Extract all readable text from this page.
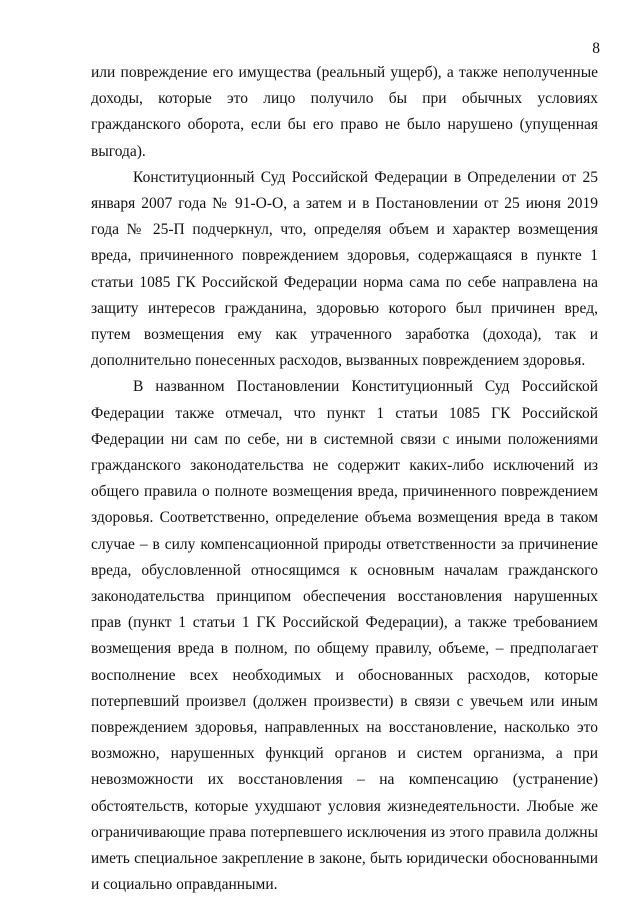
8

или повреждение его имущества (реальный ущерб), а также неполученные доходы, которые это лицо получило бы при обычных условиях гражданского оборота, если бы его право не было нарушено (упущенная выгода).

Конституционный Суд Российской Федерации в Определении от 25 января 2007 года № 91-О-О, а затем и в Постановлении от 25 июня 2019 года № 25-П подчеркнул, что, определяя объем и характер возмещения вреда, причиненного повреждением здоровья, содержащаяся в пункте 1 статьи 1085 ГК Российской Федерации норма сама по себе направлена на защиту интересов гражданина, здоровью которого был причинен вред, путем возмещения ему как утраченного заработка (дохода), так и дополнительно понесенных расходов, вызванных повреждением здоровья.

В названном Постановлении Конституционный Суд Российской Федерации также отмечал, что пункт 1 статьи 1085 ГК Российской Федерации ни сам по себе, ни в системной связи с иными положениями гражданского законодательства не содержит каких-либо исключений из общего правила о полноте возмещения вреда, причиненного повреждением здоровья. Соответственно, определение объема возмещения вреда в таком случае – в силу компенсационной природы ответственности за причинение вреда, обусловленной относящимся к основным началам гражданского законодательства принципом обеспечения восстановления нарушенных прав (пункт 1 статьи 1 ГК Российской Федерации), а также требованием возмещения вреда в полном, по общему правилу, объеме, – предполагает восполнение всех необходимых и обоснованных расходов, которые потерпевший произвел (должен произвести) в связи с увечьем или иным повреждением здоровья, направленных на восстановление, насколько это возможно, нарушенных функций органов и систем организма, а при невозможности их восстановления – на компенсацию (устранение) обстоятельств, которые ухудшают условия жизнедеятельности. Любые же ограничивающие права потерпевшего исключения из этого правила должны иметь специальное закрепление в законе, быть юридически обоснованными и социально оправданными.
